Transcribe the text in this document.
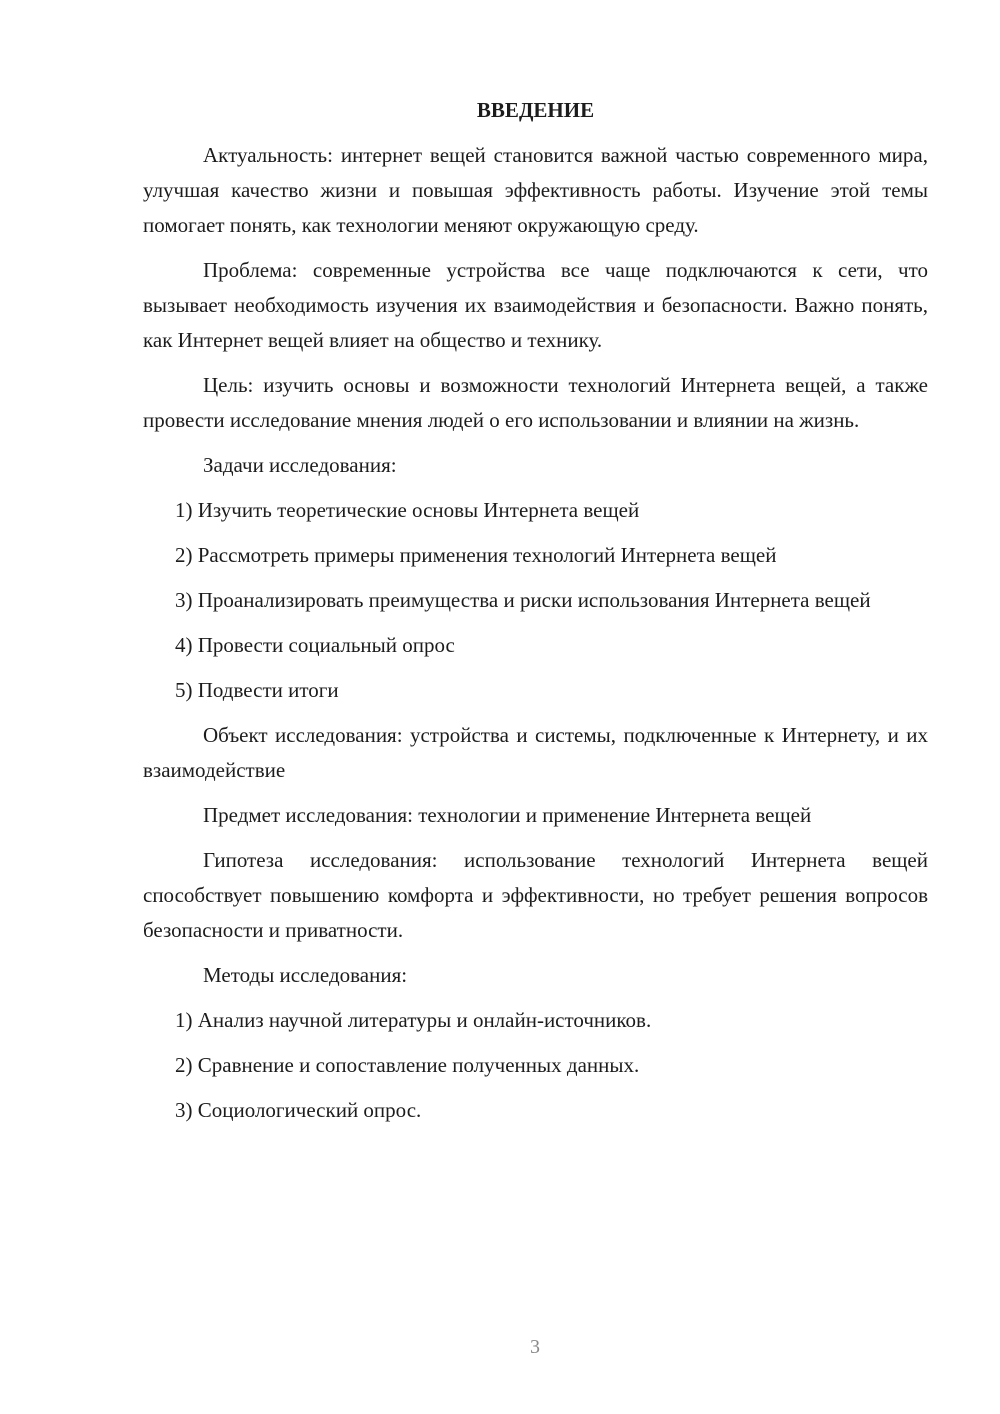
ВВЕДЕНИЕ
Актуальность: интернет вещей становится важной частью современного мира, улучшая качество жизни и повышая эффективность работы. Изучение этой темы помогает понять, как технологии меняют окружающую среду.
Проблема: современные устройства все чаще подключаются к сети, что вызывает необходимость изучения их взаимодействия и безопасности. Важно понять, как Интернет вещей влияет на общество и технику.
Цель: изучить основы и возможности технологий Интернета вещей, а также провести исследование мнения людей о его использовании и влиянии на жизнь.
Задачи исследования:
1) Изучить теоретические основы Интернета вещей
2) Рассмотреть примеры применения технологий Интернета вещей
3) Проанализировать преимущества и риски использования Интернета вещей
4) Провести социальный опрос
5) Подвести итоги
Объект исследования: устройства и системы, подключенные к Интернету, и их взаимодействие
Предмет исследования: технологии и применение Интернета вещей
Гипотеза исследования: использование технологий Интернета вещей способствует повышению комфорта и эффективности, но требует решения вопросов безопасности и приватности.
Методы исследования:
1) Анализ научной литературы и онлайн-источников.
2) Сравнение и сопоставление полученных данных.
3) Социологический опрос.
3
